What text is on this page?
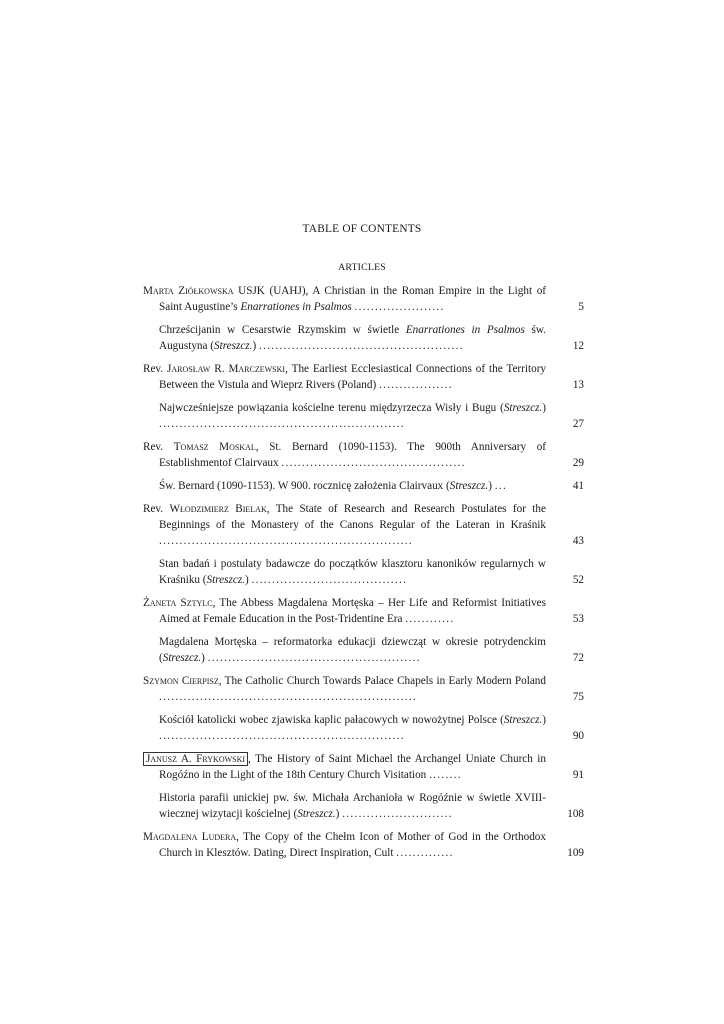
TABLE OF CONTENTS
ARTICLES
Marta Ziółkowska USJK (UAHJ), A Christian in the Roman Empire in the Light of Saint Augustine’s Enarrationes in Psalmos ......................	5
Chrześcijanin w Cesarstwie Rzymskim w świetle Enarrationes in Psalmos św. Augustyna (Streszcz.) ..................................................	12
Rev. Jarosław R. Marczewski, The Earliest Ecclesiastical Connections of the Territory Between the Vistula and Wieprz Rivers (Poland) ..................	13
Najwcześniejsze powiązania kościelne terenu międzyrzecza Wisły i Bugu (Streszcz.) ............................................................	27
Rev. Tomasz Moskal, St. Bernard (1090-1153). The 900th Anniversary of Establishmentof Clairvaux .............................................	29
Św. Bernard (1090-1153). W 900. rocznicę założenia Clairvaux (Streszcz.) ...	41
Rev. Włodzimierz Bielak, The State of Research and Research Postulates for the Beginnings of the Monastery of the Canons Regular of the Lateran in Kraśnik ..............................................................	43
Stan badań i postulaty badawcze do początków klasztoru kanoników regularnych w Kraśniku (Streszcz.) ......................................	52
Żaneta Sztylc, The Abbess Magdalena Mortęska – Her Life and Reformist Initiatives Aimed at Female Education in the Post-Tridentine Era ............	53
Magdalena Mortęska – reformatorka edukacji dziewcząt w okresie potrydenckim (Streszcz.) ....................................................	72
Szymon Cierpisz, The Catholic Church Towards Palace Chapels in Early Modern Poland ...............................................................	75
Kościół katolicki wobec zjawiska kaplic pałacowych w nowożytnej Polsce (Streszcz.) ............................................................	90
Janusz A. Frykowski , The History of Saint Michael the Archangel Uniate Church in Rogóźno in the Light of the 18th Century Church Visitation ........	91
Historia parafii unickiej pw. św. Michała Archanioła w Rogóźnie w świetle XVIII-wiecznej wizytacji kościelnej (Streszcz.) ...........................	108
Magdalena Ludera, The Copy of the Chełm Icon of Mother of God in the Orthodox Church in Klesztów. Dating, Direct Inspiration, Cult ..............	109
